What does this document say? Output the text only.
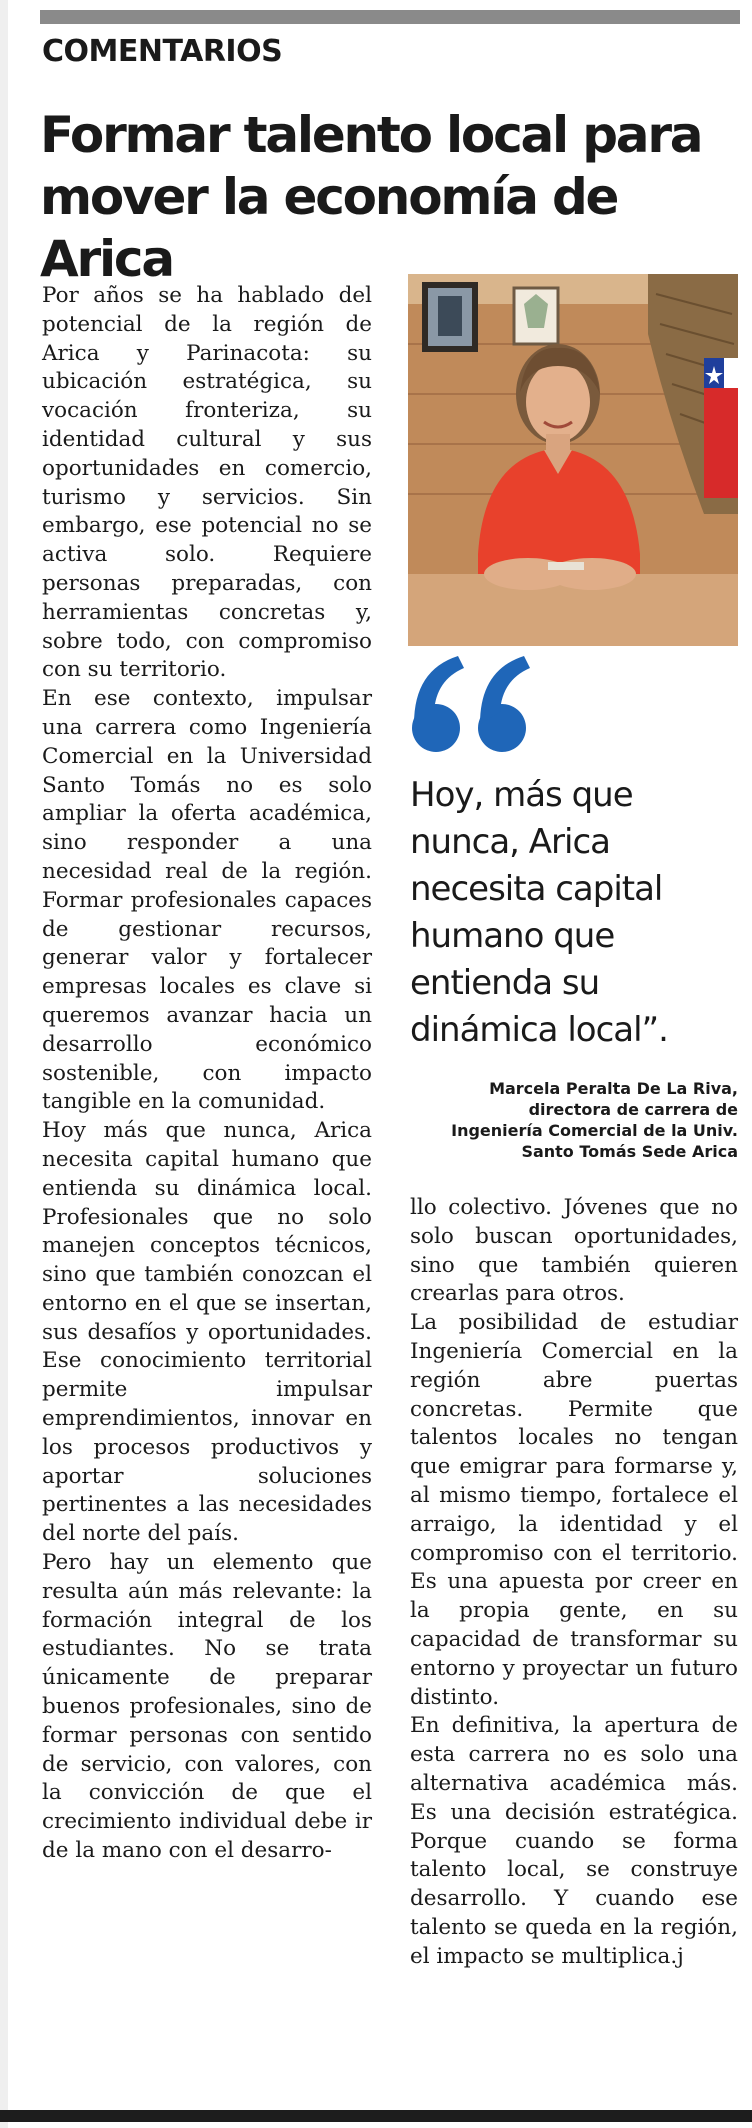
COMENTARIOS
Formar talento local para mover la economía de Arica

Por años se ha hablado del potencial de la región de Arica y Parinacota: su ubicación estratégica, su vocación fronteriza, su identidad cultural y sus oportunidades en comercio, turismo y servicios. Sin embargo, ese potencial no se activa solo. Requiere personas preparadas, con herramientas concretas y, sobre todo, con compromiso con su territorio.

En ese contexto, impulsar una carrera como Ingeniería Comercial en la Universidad Santo Tomás no es solo ampliar la oferta académica, sino responder a una necesidad real de la región. Formar profesionales capaces de gestionar recursos, generar valor y fortalecer empresas locales es clave si queremos avanzar hacia un desarrollo económico sostenible, con impacto tangible en la comunidad.

Hoy más que nunca, Arica necesita capital humano que entienda su dinámica local. Profesionales que no solo manejen conceptos técnicos, sino que también conozcan el entorno en el que se insertan, sus desafíos y oportunidades. Ese conocimiento territorial permite impulsar emprendimientos, innovar en los procesos productivos y aportar soluciones pertinentes a las necesidades del norte del país.

Pero hay un elemento que resulta aún más relevante: la formación integral de los estudiantes. No se trata únicamente de preparar buenos profesionales, sino de formar personas con sentido de servicio, con valores, con la convicción de que el crecimiento individual debe ir de la mano con el desarro-

Hoy, más que nunca, Arica necesita capital humano que entienda su dinámica local”.
Marcela Peralta De La Riva,
directora de carrera de
Ingeniería Comercial de la Univ.
Santo Tomás Sede Arica

llo colectivo. Jóvenes que no solo buscan oportunidades, sino que también quieren crearlas para otros.

La posibilidad de estudiar Ingeniería Comercial en la región abre puertas concretas. Permite que talentos locales no tengan que emigrar para formarse y, al mismo tiempo, fortalece el arraigo, la identidad y el compromiso con el territorio. Es una apuesta por creer en la propia gente, en su capacidad de transformar su entorno y proyectar un futuro distinto.

En definitiva, la apertura de esta carrera no es solo una alternativa académica más. Es una decisión estratégica. Porque cuando se forma talento local, se construye desarrollo. Y cuando ese talento se queda en la región, el impacto se multiplica.j
